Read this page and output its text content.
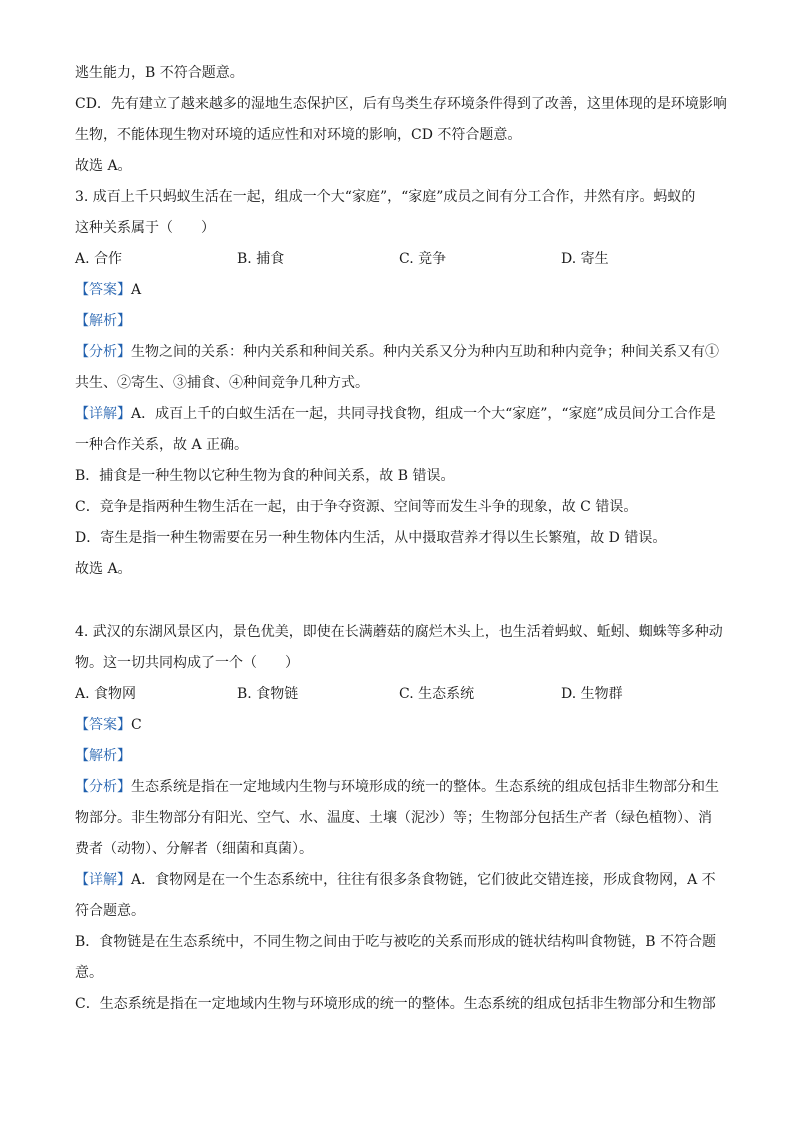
逃生能力，B 不符合题意。
CD．先有建立了越来越多的湿地生态保护区，后有鸟类生存环境条件得到了改善，这里体现的是环境影响
生物，不能体现生物对环境的适应性和对环境的影响，CD 不符合题意。
故选 A。
3. 成百上千只蚂蚁生活在一起，组成一个大“家庭”，“家庭”成员之间有分工合作，井然有序。蚂蚁的
这种关系属于（　　）
A. 合作	B. 捕食	C. 竞争	D. 寄生
【答案】A
【解析】
【分析】生物之间的关系：种内关系和种间关系。种内关系又分为种内互助和种内竞争；种间关系又有①
共生、②寄生、③捕食、④种间竞争几种方式。
【详解】A．成百上千的白蚁生活在一起，共同寻找食物，组成一个大“家庭”，“家庭”成员间分工合作是
一种合作关系，故 A 正确。
B．捕食是一种生物以它种生物为食的种间关系，故 B 错误。
C．竞争是指两种生物生活在一起，由于争夺资源、空间等而发生斗争的现象，故 C 错误。
D．寄生是指一种生物需要在另一种生物体内生活，从中摄取营养才得以生长繁殖，故 D 错误。
故选 A。
4. 武汉的东湖风景区内，景色优美，即使在长满蘑菇的腐烂木头上，也生活着蚂蚁、蚯蚓、蜘蛛等多种动
物。这一切共同构成了一个（　　）
A. 食物网	B. 食物链	C. 生态系统	D. 生物群
【答案】C
【解析】
【分析】生态系统是指在一定地域内生物与环境形成的统一的整体。生态系统的组成包括非生物部分和生
物部分。非生物部分有阳光、空气、水、温度、土壤（泥沙）等；生物部分包括生产者（绿色植物）、消
费者（动物）、分解者（细菌和真菌）。
【详解】A．食物网是在一个生态系统中，往往有很多条食物链，它们彼此交错连接，形成食物网，A 不
符合题意。
B．食物链是在生态系统中，不同生物之间由于吃与被吃的关系而形成的链状结构叫食物链，B 不符合题
意。
C．生态系统是指在一定地域内生物与环境形成的统一的整体。生态系统的组成包括非生物部分和生物部
